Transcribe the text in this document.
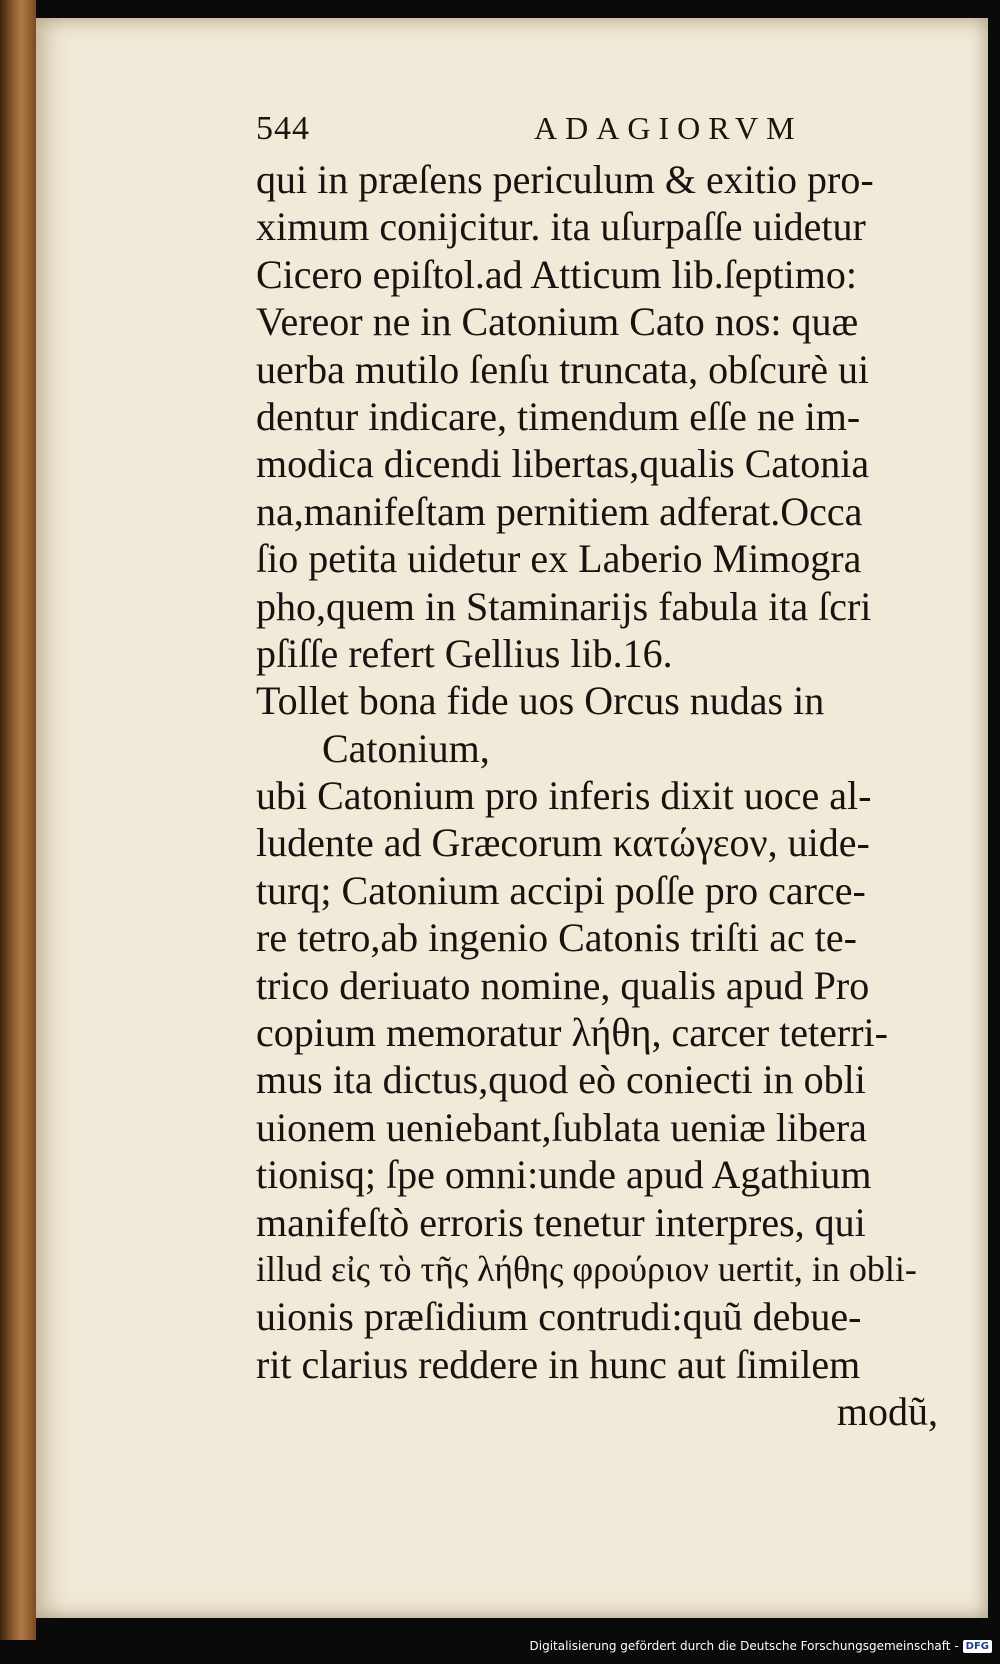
544	ADAGIORVM
qui in præſens periculum & exitio pro-
ximum conijcitur. ita uſurpaſſe uidetur
Cicero epiſtol.ad Atticum lib.ſeptimo:
Vereor ne in Catonium Cato nos: quæ
uerba mutilo ſenſu truncata, obſcurè ui
dentur indicare, timendum eſſe ne im-
modica dicendi libertas,qualis Catonia
na,manifeſtam pernitiem adferat.Occa
ſio petita uidetur ex Laberio Mimogra
pho,quem in Staminarijs fabula ita ſcri
pſiſſe refert Gellius lib.16.
Tollet bona fide uos Orcus nudas in
Catonium,
ubi Catonium pro inferis dixit uoce al-
ludente ad Græcorum κατώγεον, uide-
turq; Catonium accipi poſſe pro carce-
re tetro,ab ingenio Catonis triſti ac te-
trico deriuato nomine, qualis apud Pro
copium memoratur λήθη, carcer teterri-
mus ita dictus,quod eò coniecti in obli
uionem ueniebant,ſublata ueniæ libera
tionisq; ſpe omni:unde apud Agathium
manifeſtò erroris tenetur interpres, qui
illud εἰς τὸ τῆς λήθης φρούριον uertit, in obli-
uionis præſidium contrudi:quũ debue-
rit clarius reddere in hunc aut ſimilem
modũ,
Digitalisierung gefördert durch die Deutsche Forschungsgemeinschaft - DFG
